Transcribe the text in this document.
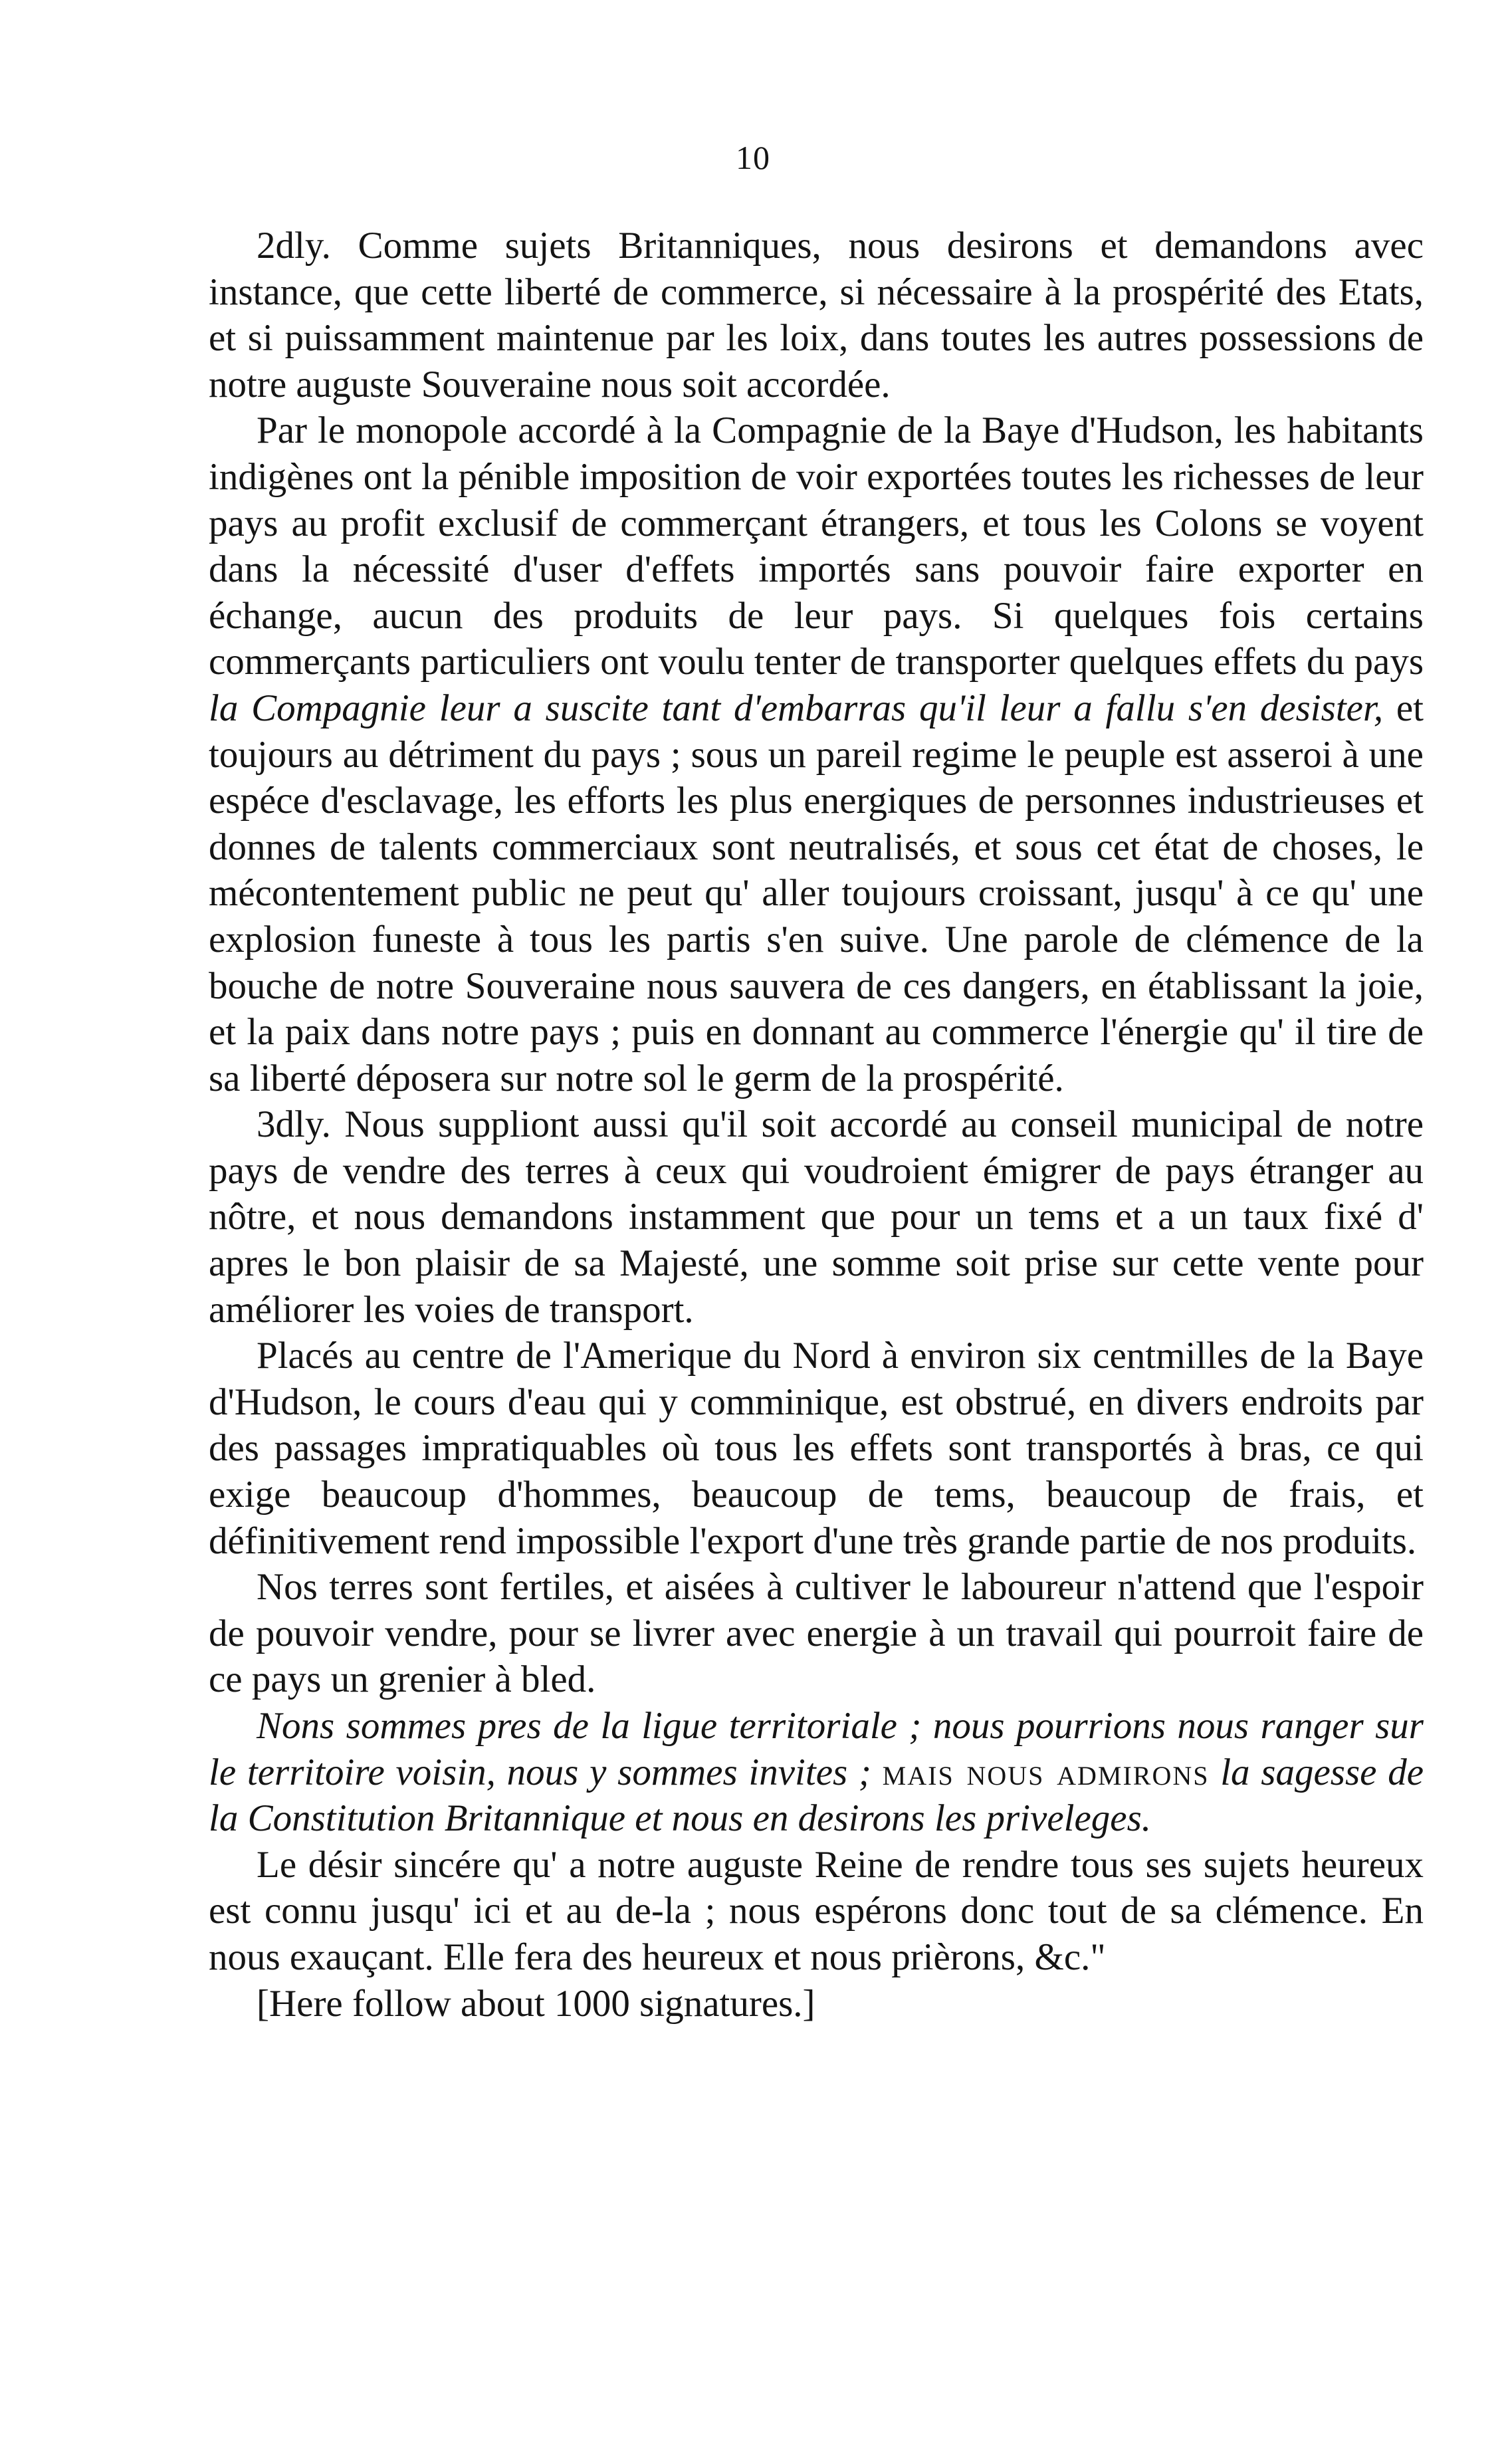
10

2dly. Comme sujets Britanniques, nous desirons et demandons avec instance, que cette liberté de commerce, si nécessaire à la prospérité des Etats, et si puissamment maintenue par les loix, dans toutes les autres possessions de notre auguste Souveraine nous soit accordée.

Par le monopole accordé à la Compagnie de la Baye d'Hudson, les habitants indigènes ont la pénible imposition de voir exportées toutes les richesses de leur pays au profit exclusif de commerçant étrangers, et tous les Colons se voyent dans la nécessité d'user d'effets importés sans pouvoir faire exporter en échange, aucun des produits de leur pays. Si quelques fois certains commerçants particuliers ont voulu tenter de transporter quelques effets du pays la Compagnie leur a suscite tant d'embarras qu'il leur a fallu s'en desister, et toujours au détriment du pays ; sous un pareil regime le peuple est asseroi à une espéce d'esclavage, les efforts les plus energiques de personnes industrieuses et donnes de talents commerciaux sont neutralisés, et sous cet état de choses, le mécontentement public ne peut qu' aller toujours croissant, jusqu' à ce qu' une explosion funeste à tous les partis s'en suive. Une parole de clémence de la bouche de notre Souveraine nous sauvera de ces dangers, en établissant la joie, et la paix dans notre pays ; puis en donnant au commerce l'énergie qu' il tire de sa liberté déposera sur notre sol le germ de la prospérité.

3dly. Nous suppliont aussi qu'il soit accordé au conseil municipal de notre pays de vendre des terres à ceux qui voudroient émigrer de pays étranger au nôtre, et nous demandons instamment que pour un tems et a un taux fixé d' apres le bon plaisir de sa Majesté, une somme soit prise sur cette vente pour améliorer les voies de transport.

Placés au centre de l'Amerique du Nord à environ six centmilles de la Baye d'Hudson, le cours d'eau qui y comminique, est obstrué, en divers endroits par des passages impratiquables où tous les effets sont transportés à bras, ce qui exige beaucoup d'hommes, beaucoup de tems, beaucoup de frais, et définitivement rend impossible l'export d'une très grande partie de nos produits.

Nos terres sont fertiles, et aisées à cultiver le laboureur n'attend que l'espoir de pouvoir vendre, pour se livrer avec energie à un travail qui pourroit faire de ce pays un grenier à bled.

Nons sommes pres de la ligue territoriale ; nous pourrions nous ranger sur le territoire voisin, nous y sommes invites ; mais nous admirons la sagesse de la Constitution Britannique et nous en desirons les priveleges.

Le désir sincére qu' a notre auguste Reine de rendre tous ses sujets heureux est connu jusqu' ici et au de-la ; nous espérons donc tout de sa clémence. En nous exauçant. Elle fera des heureux et nous prièrons, &c."

[Here follow about 1000 signatures.]
